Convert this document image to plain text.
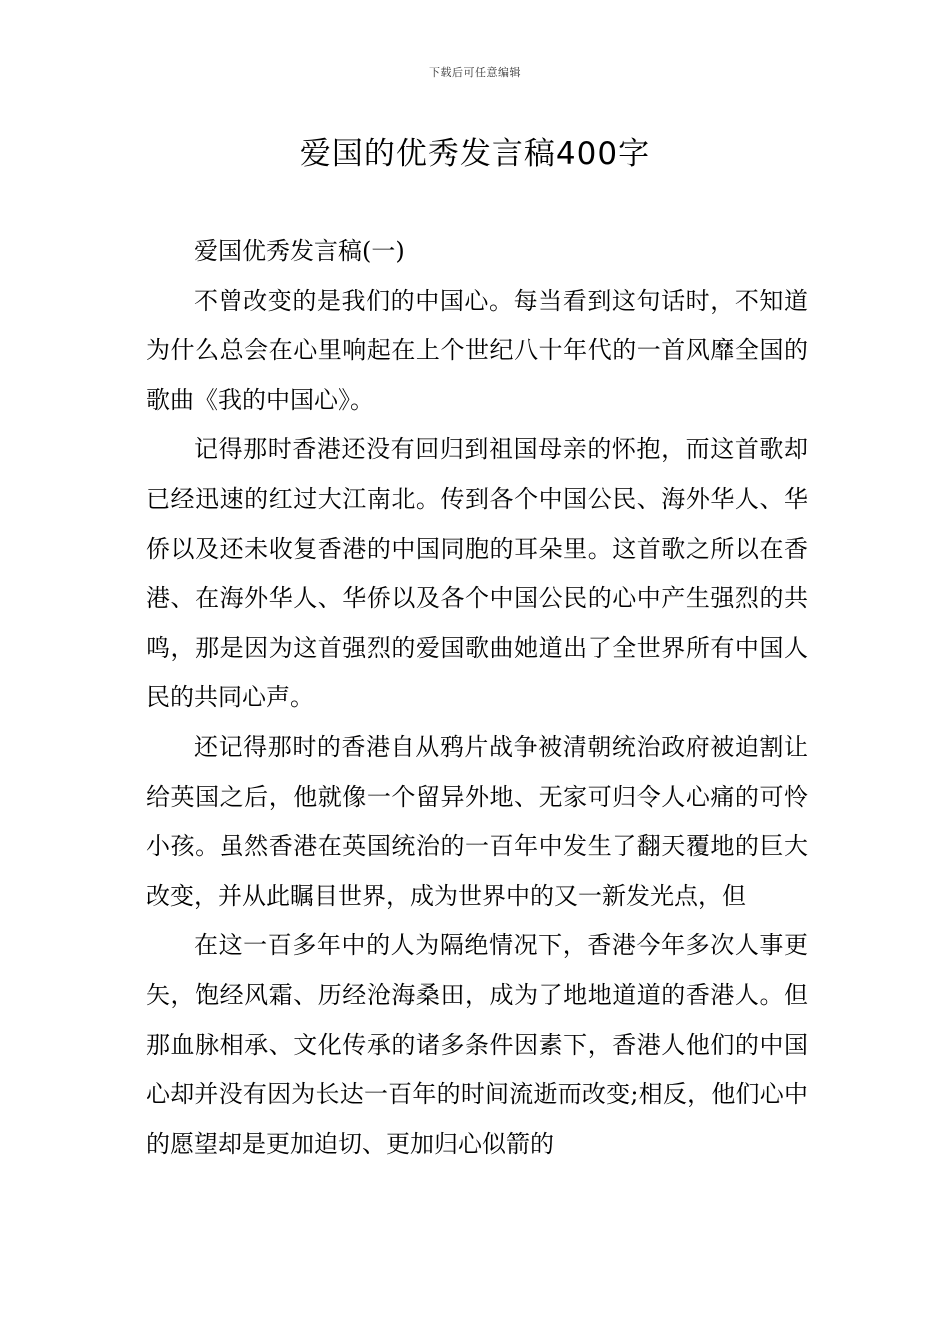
下载后可任意编辑
爱国的优秀发言稿400字

爱国优秀发言稿(一)

不曾改变的是我们的中国心。每当看到这句话时，不知道为什么总会在心里响起在上个世纪八十年代的一首风靡全国的歌曲《我的中国心》。

记得那时香港还没有回归到祖国母亲的怀抱，而这首歌却已经迅速的红过大江南北。传到各个中国公民、海外华人、华侨以及还未收复香港的中国同胞的耳朵里。这首歌之所以在香港、在海外华人、华侨以及各个中国公民的心中产生强烈的共鸣，那是因为这首强烈的爱国歌曲她道出了全世界所有中国人民的共同心声。

还记得那时的香港自从鸦片战争被清朝统治政府被迫割让给英国之后，他就像一个留异外地、无家可归令人心痛的可怜小孩。虽然香港在英国统治的一百年中发生了翻天覆地的巨大改变，并从此瞩目世界，成为世界中的又一新发光点，但

在这一百多年中的人为隔绝情况下，香港今年多次人事更矢，饱经风霜、历经沧海桑田，成为了地地道道的香港人。但那血脉相承、文化传承的诸多条件因素下，香港人他们的中国心却并没有因为长达一百年的时间流逝而改变;相反，他们心中的愿望却是更加迫切、更加归心似箭的
